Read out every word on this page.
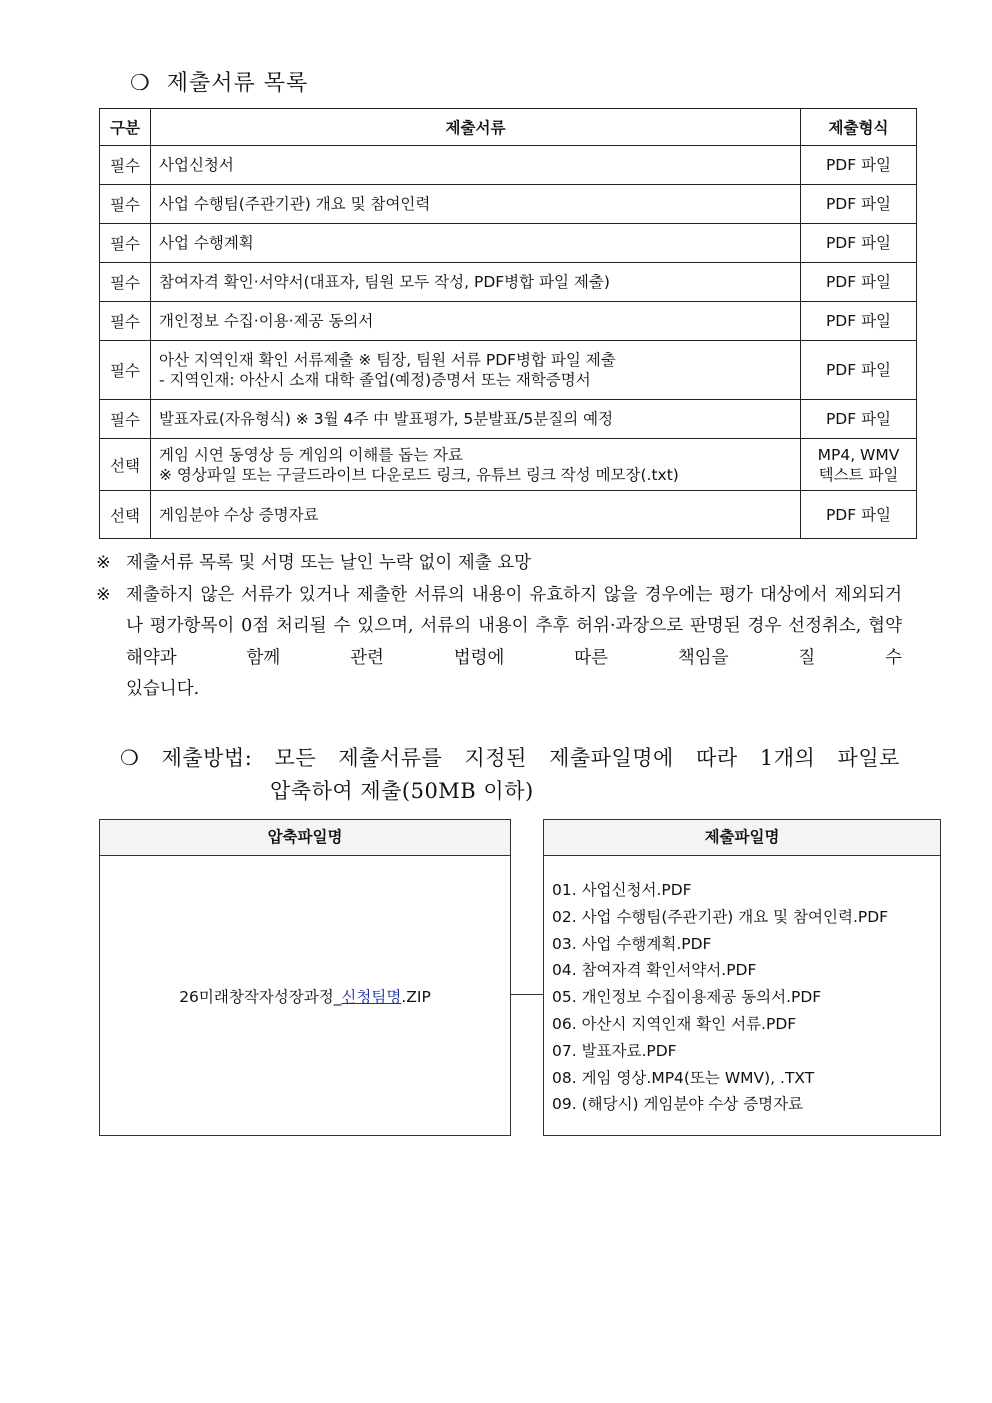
❍ 제출서류 목록
구분	제출서류	제출형식
필수	사업신청서	PDF 파일

필수	사업 수행팀(주관기관) 개요 및 참여인력	PDF 파일

필수	사업 수행계획	PDF 파일

필수	참여자격 확인·서약서(대표자, 팀원 모두 작성, PDF병합 파일 제출)	PDF 파일

필수	개인정보 수집·이용·제공 동의서	PDF 파일

필수	아산 지역인재 확인 서류제출 ※ 팀장, 팀원 서류 PDF병합 파일 제출
- 지역인재: 아산시 소재 대학 졸업(예정)증명서 또는 재학증명서	PDF 파일

필수	발표자료(자유형식) ※ 3월 4주 中 발표평가, 5분발표/5분질의 예정	PDF 파일

선택	게임 시연 동영상 등 게임의 이해를 돕는 자료
※ 영상파일 또는 구글드라이브 다운로드 링크, 유튜브 링크 작성 메모장(.txt)	MP4, WMV
텍스트 파일

선택	게임분야 수상 증명자료	PDF 파일
※ 제출서류 목록 및 서명 또는 날인 누락 없이 제출 요망
※ 제출하지 않은 서류가 있거나 제출한 서류의 내용이 유효하지 않을 경우에는 평가 대상에서 제외되거나 평가항목이 0점 처리될 수 있으며, 서류의 내용이 추후 허위·과장으로 판명된 경우 선정취소, 협약해약과 함께 관련 법령에 따른 책임을 질 수
있습니다.
❍ 제출방법: 모든 제출서류를 지정된 제출파일명에 따라 1개의 파일로
압축하여 제출(50MB 이하)
압축파일명
26미래창작자성장과정_신청팀명.ZIP
제출파일명
01. 사업신청서.PDF
02. 사업 수행팀(주관기관) 개요 및 참여인력.PDF
03. 사업 수행계획.PDF
04. 참여자격 확인서약서.PDF
05. 개인정보 수집이용제공 동의서.PDF
06. 아산시 지역인재 확인 서류.PDF
07. 발표자료.PDF
08. 게임 영상.MP4(또는 WMV), .TXT
09. (해당시) 게임분야 수상 증명자료
